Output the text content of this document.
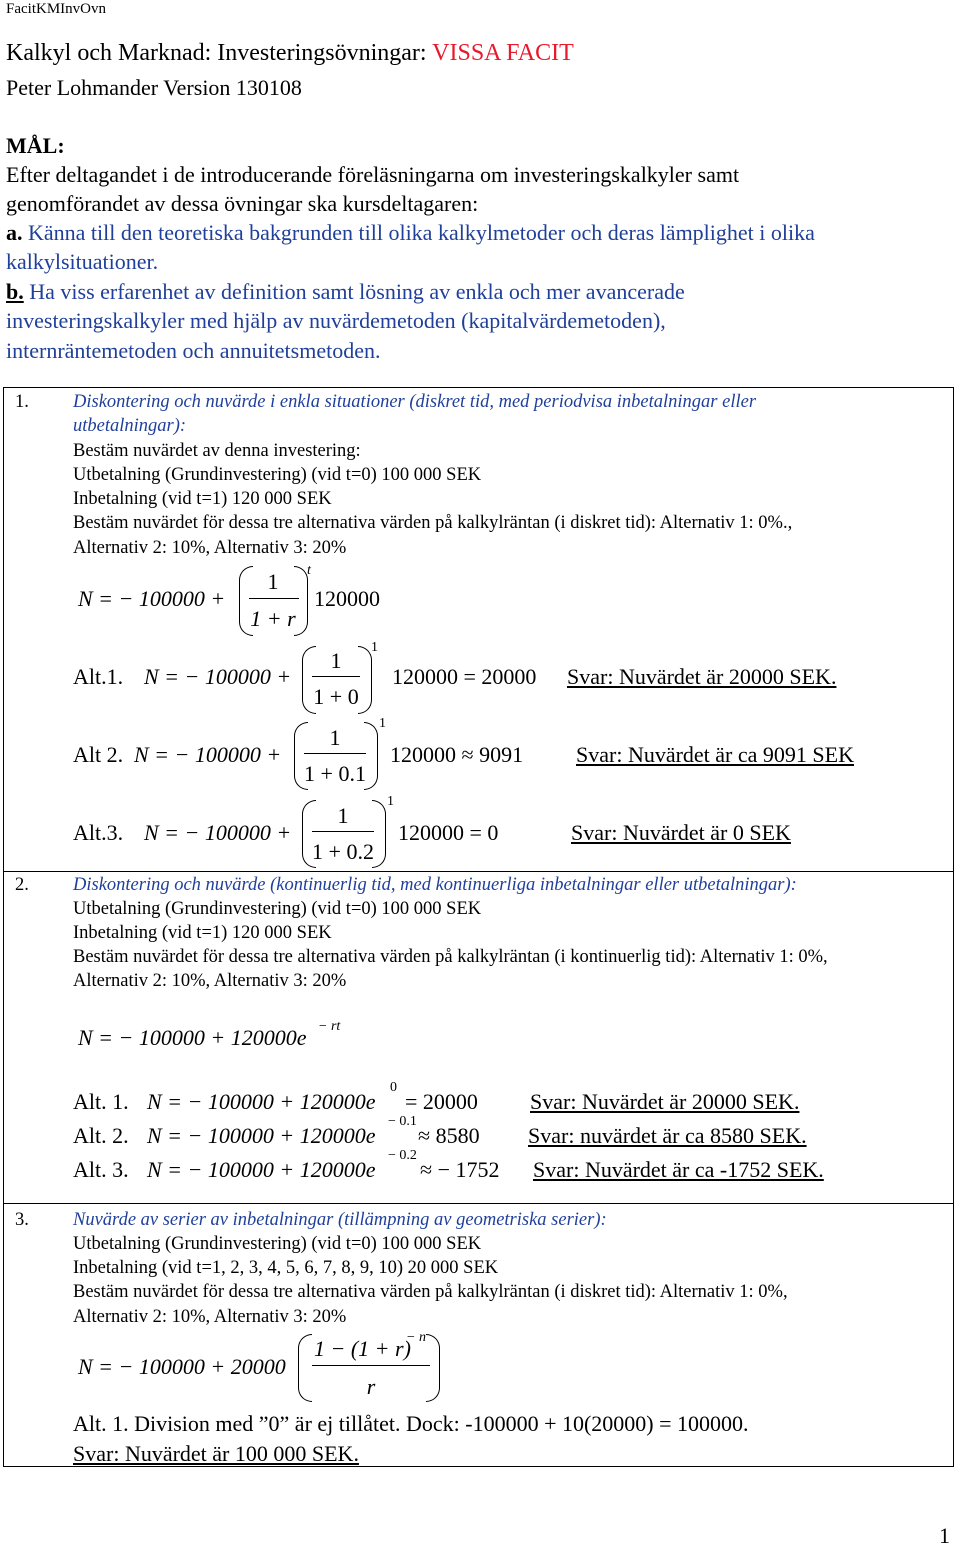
FacitKMInvOvn
Kalkyl och Marknad: Investeringsövningar: VISSA FACIT
Peter Lohmander Version 130108
MÅL:
Efter deltagandet i de introducerande föreläsningarna om investeringskalkyler samt
genomförandet av dessa övningar ska kursdeltagaren:
a. Känna till den teoretiska bakgrunden till olika kalkylmetoder och deras lämplighet i olika
kalkylsituationer.
b. Ha viss erfarenhet av definition samt lösning av enkla och mer avancerade
investeringskalkyler med hjälp av nuvärdemetoden (kapitalvärdemetoden),
internräntemetoden och annuitetsmetoden.
1. Diskontering och nuvärde i enkla situationer (diskret tid, med periodvisa inbetalningar eller
utbetalningar):
Bestäm nuvärdet av denna investering:
Utbetalning (Grundinvestering) (vid t=0) 100 000 SEK
Inbetalning (vid t=1) 120 000 SEK
Bestäm nuvärdet för dessa tre alternativa värden på kalkylräntan (i diskret tid): Alternativ 1: 0%.,
Alternativ 2: 10%, Alternativ 3: 20%
N = − 100000 +
1
1 + r
t
120000
Alt.1. N = − 100000 +
1
1 + 0
1
120000 = 20000 Svar: Nuvärdet är 20000 SEK.
Alt 2. N = − 100000 +
1
1 + 0.1
1
120000 ≈ 9091 Svar: Nuvärdet är ca 9091 SEK
Alt.3. N = − 100000 +
1
1 + 0.2
1
120000 = 0	Svar: Nuvärdet är 0 SEK
2. Diskontering och nuvärde (kontinuerlig tid, med kontinuerliga inbetalningar eller utbetalningar):
Utbetalning (Grundinvestering) (vid t=0) 100 000 SEK
Inbetalning (vid t=1) 120 000 SEK
Bestäm nuvärdet för dessa tre alternativa värden på kalkylräntan (i kontinuerlig tid): Alternativ 1: 0%,
Alternativ 2: 10%, Alternativ 3: 20%
N = − 100000 + 120000e − rt
Alt. 1. N = − 100000 + 120000e
0
= 20000 Svar: Nuvärdet är 20000 SEK.
Alt. 2. N = − 100000 + 120000e
− 0.1
≈ 8580 Svar: nuvärdet är ca 8580 SEK.
Alt. 3. N = − 100000 + 120000e
− 0.2
≈ − 1752 Svar: Nuvärdet är ca -1752 SEK.
3. Nuvärde av serier av inbetalningar (tillämpning av geometriska serier):
Utbetalning (Grundinvestering) (vid t=0) 100 000 SEK
Inbetalning (vid t=1, 2, 3, 4, 5, 6, 7, 8, 9, 10) 20 000 SEK
Bestäm nuvärdet för dessa tre alternativa värden på kalkylräntan (i diskret tid): Alternativ 1: 0%,
Alternativ 2: 10%, Alternativ 3: 20%
N = − 100000 + 20000
1 − (1 + r)
− n
r
Alt. 1. Division med ”0” är ej tillåtet. Dock: -100000 + 10(20000) = 100000.
Svar: Nuvärdet är 100 000 SEK.
1
